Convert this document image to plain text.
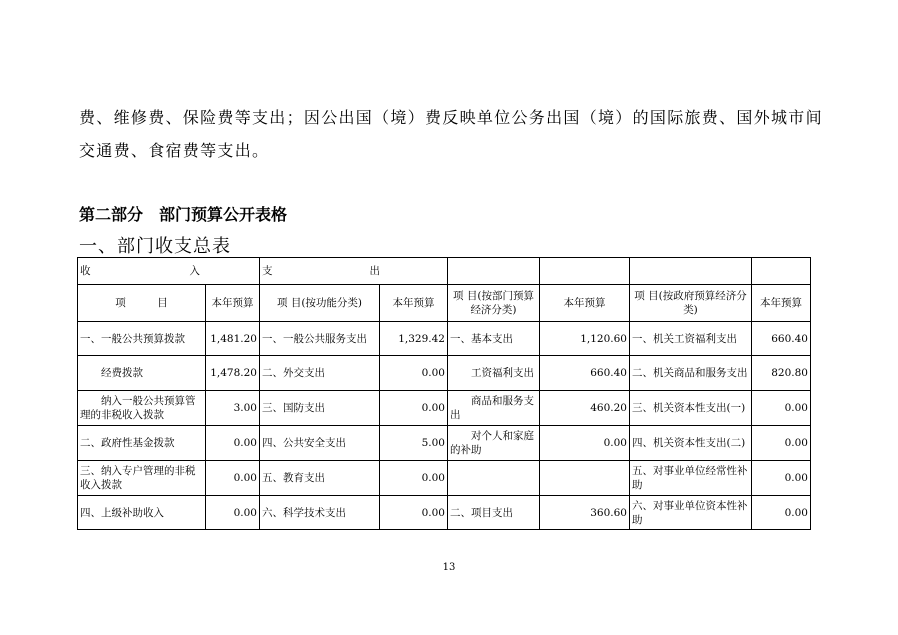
费、维修费、保险费等支出；因公出国（境）费反映单位公务出国（境）的国际旅费、国外城市间交通费、食宿费等支出。

第二部分　部门预算公开表格

一、部门收支总表

收 入		支 出					

项　　　目	本年预算	项 目(按功能分类)	本年预算	项 目(按部门预算经济分类)	本年预算	项 目(按政府预算经济分类)	本年预算
一、一般公共预算拨款	1,481.20	一、一般公共服务支出	1,329.42	一、基本支出	1,120.60	一、机关工资福利支出	660.40
经费拨款	1,478.20	二、外交支出	0.00	工资福利支出	660.40	二、机关商品和服务支出	820.80
纳入一般公共预算管理的非税收入拨款	3.00	三、国防支出	0.00	商品和服务支出	460.20	三、机关资本性支出(一)	0.00
二、政府性基金拨款	0.00	四、公共安全支出	5.00	对个人和家庭的补助	0.00	四、机关资本性支出(二)	0.00
三、纳入专户管理的非税收入拨款	0.00	五、教育支出	0.00			五、对事业单位经常性补助	0.00
四、上级补助收入	0.00	六、科学技术支出	0.00	二、项目支出	360.60	六、对事业单位资本性补助	0.00
13
